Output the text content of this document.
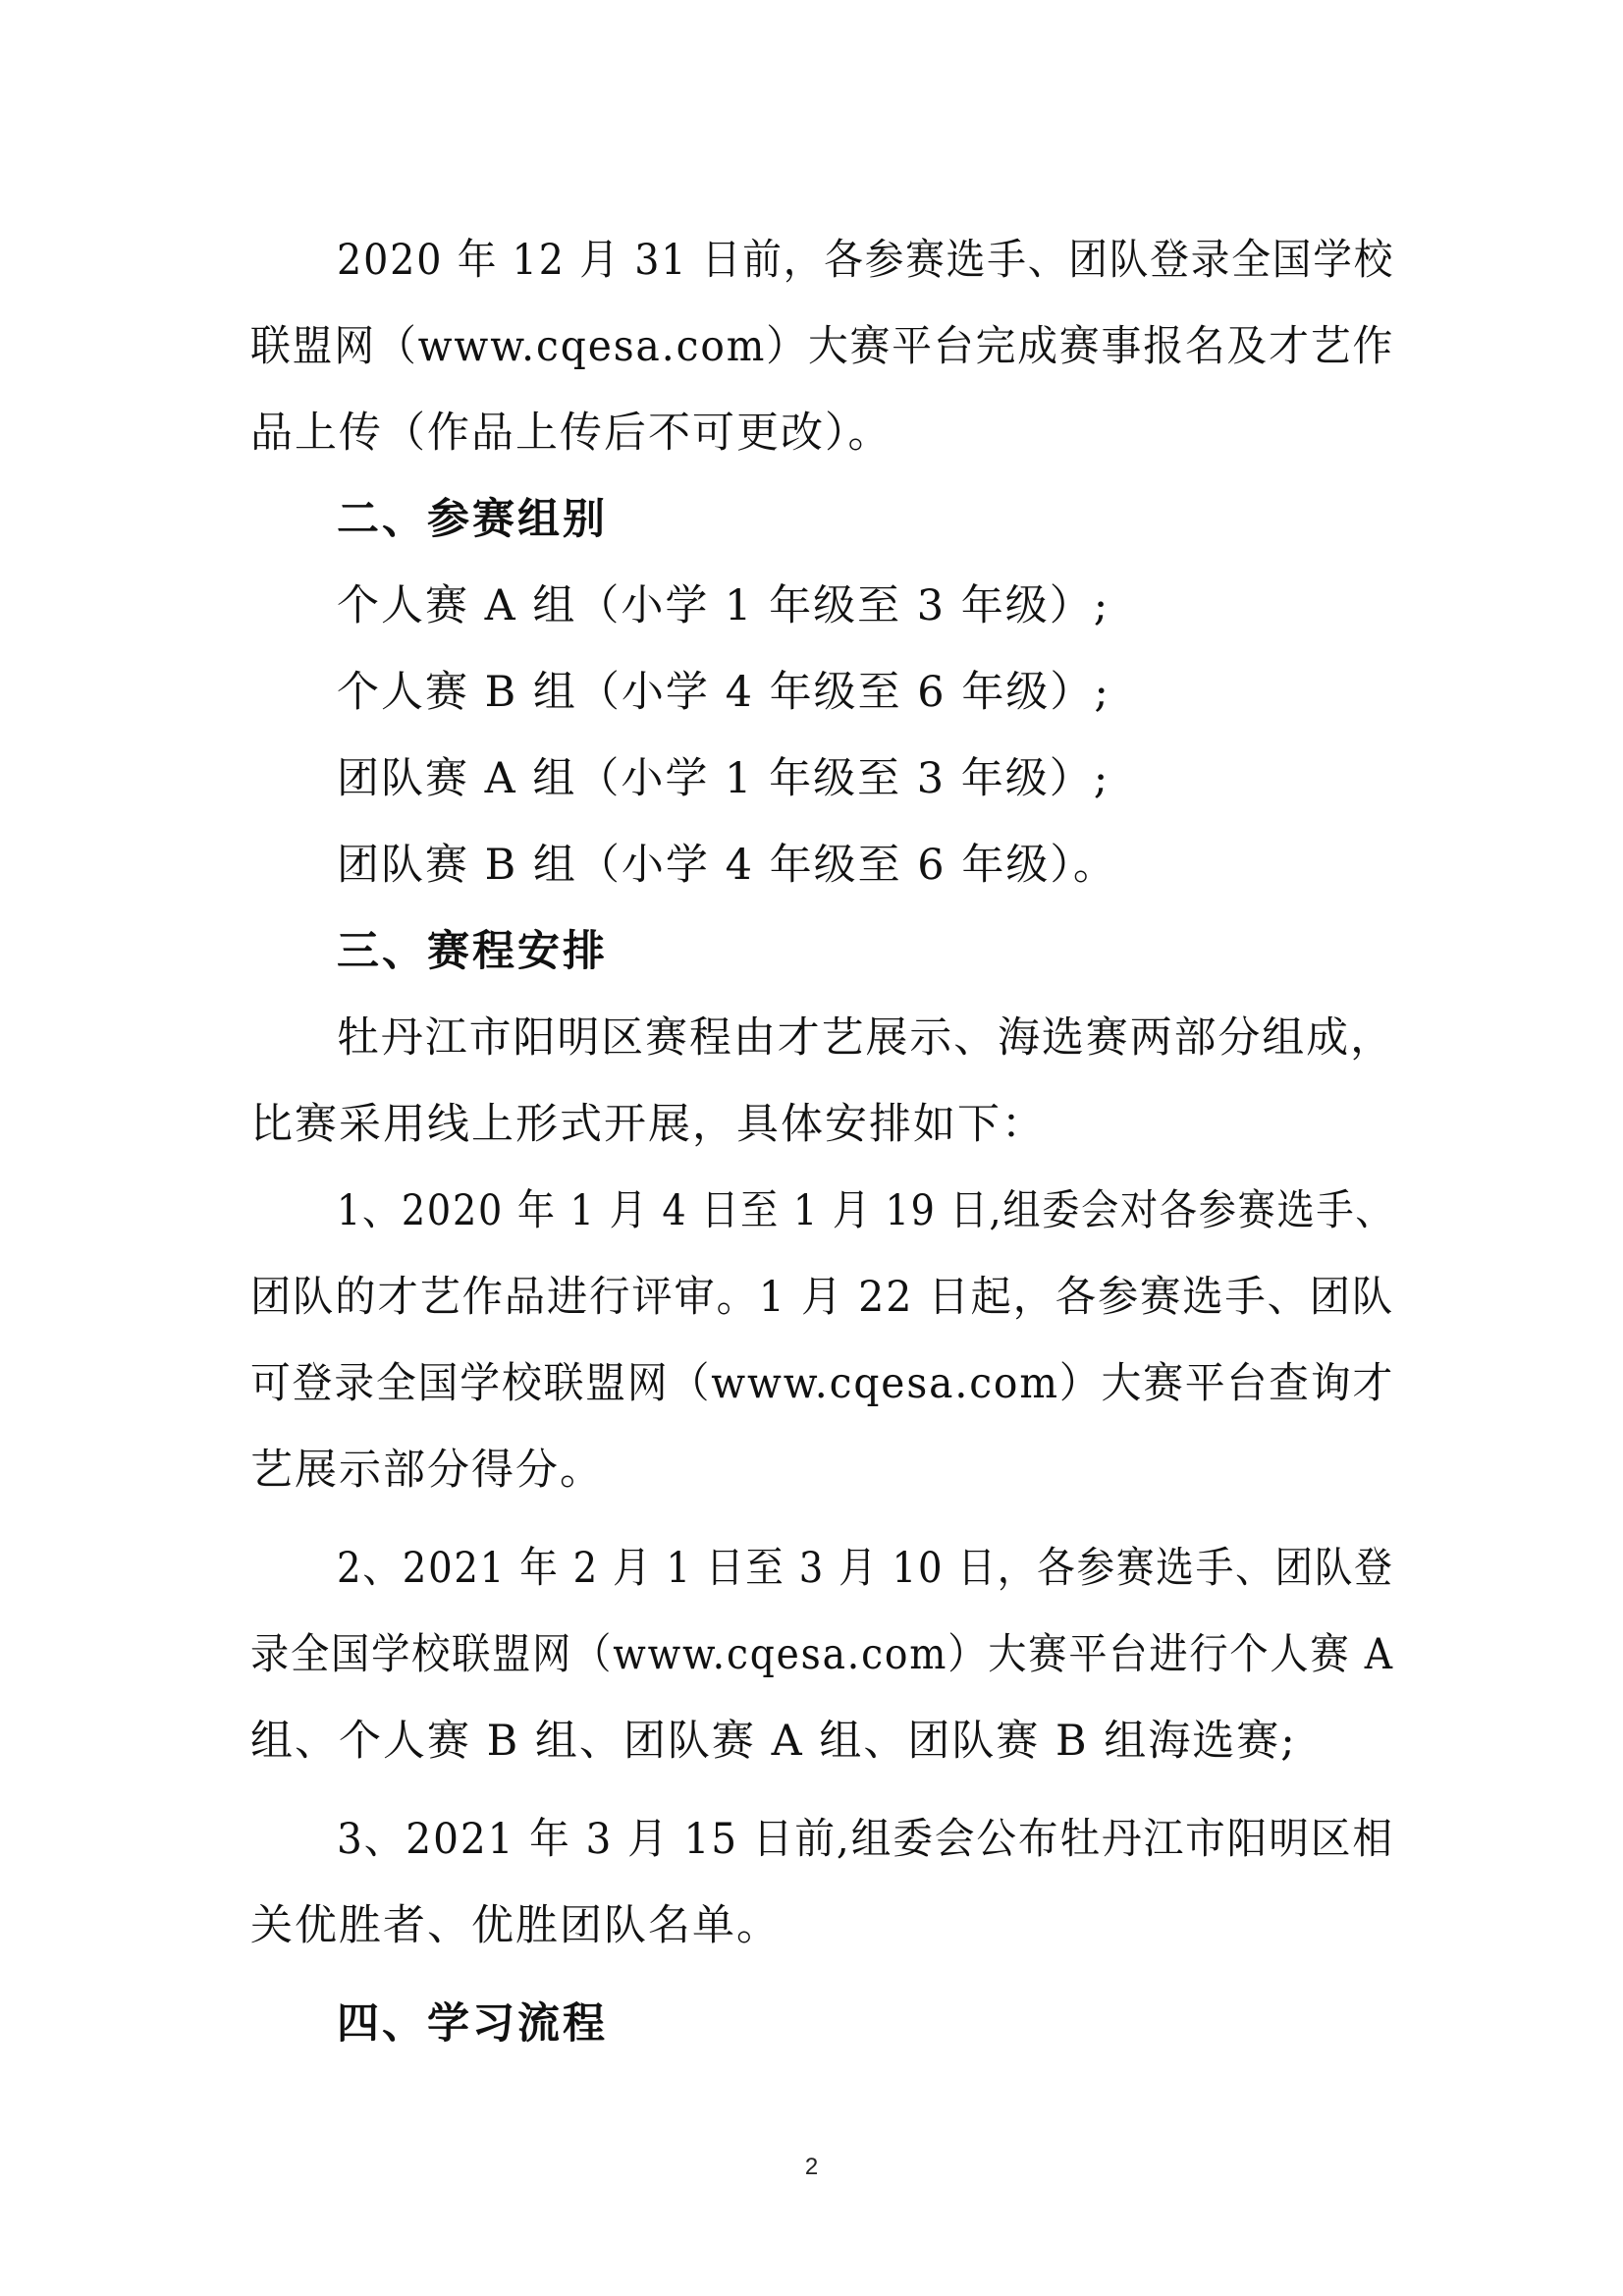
2020 年 12 月 31 日前，各参赛选手、团队登录全国学校
联盟网（www.cqesa.com）大赛平台完成赛事报名及才艺作
品上传（作品上传后不可更改）。
二、参赛组别
个人赛 A 组（小学 1 年级至 3 年级）;
个人赛 B 组（小学 4 年级至 6 年级）;
团队赛 A 组（小学 1 年级至 3 年级）;
团队赛 B 组（小学 4 年级至 6 年级）。
三、赛程安排
牡丹江市阳明区赛程由才艺展示、海选赛两部分组成，
比赛采用线上形式开展，具体安排如下：
1、2020 年 1 月 4 日至 1 月 19 日,组委会对各参赛选手、
团队的才艺作品进行评审。1 月 22 日起，各参赛选手、团队
可登录全国学校联盟网（www.cqesa.com）大赛平台查询才
艺展示部分得分。
2、2021 年 2 月 1 日至 3 月 10 日，各参赛选手、团队登
录全国学校联盟网（www.cqesa.com）大赛平台进行个人赛 A
组、个人赛 B 组、团队赛 A 组、团队赛 B 组海选赛;
3、2021 年 3 月 15 日前,组委会公布牡丹江市阳明区相
关优胜者、优胜团队名单。
四、学习流程
2
